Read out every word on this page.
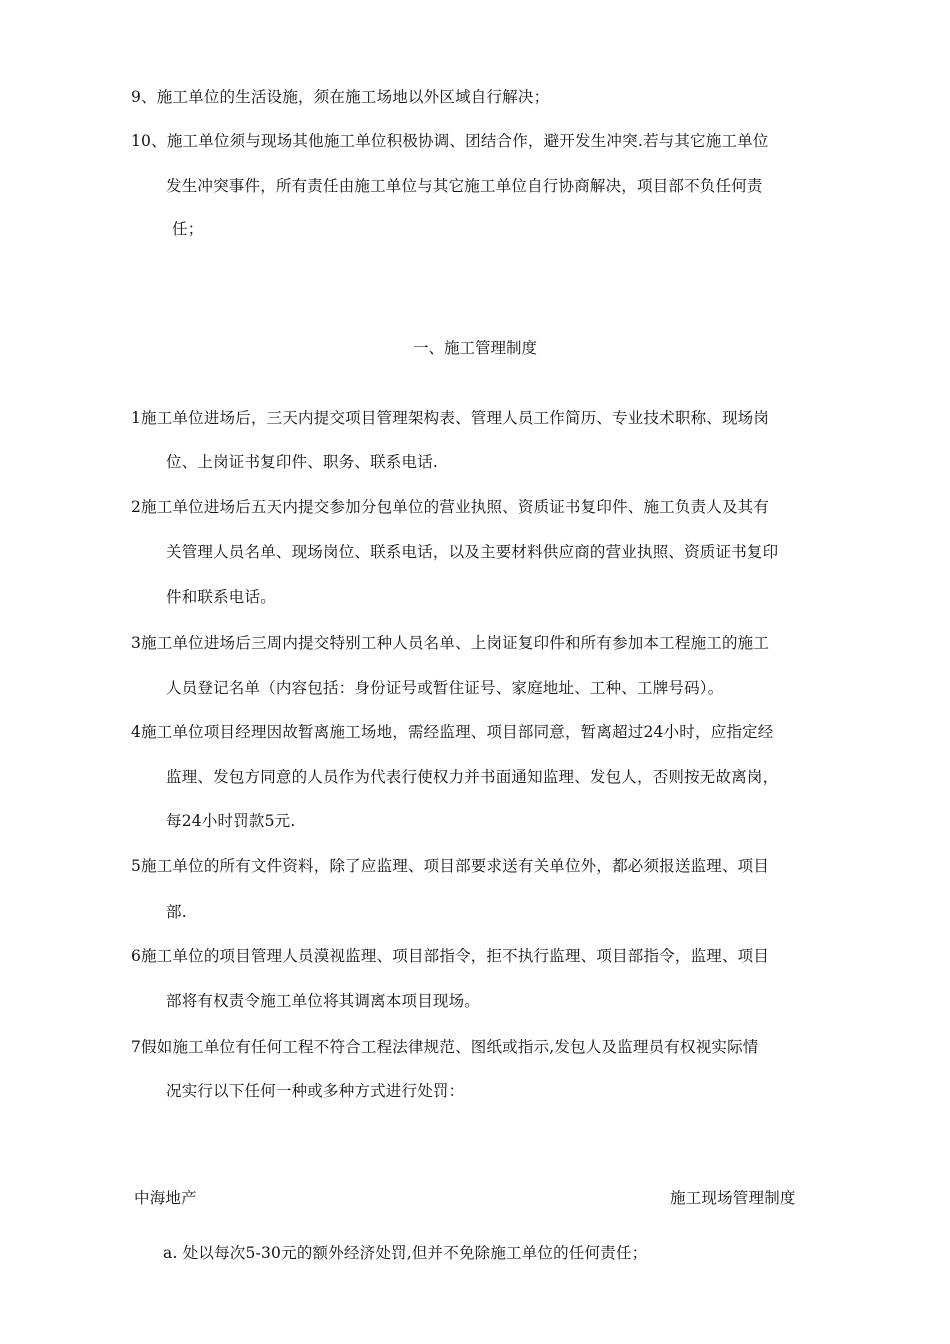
9、施工单位的生活设施，须在施工场地以外区域自行解决；
10、施工单位须与现场其他施工单位积极协调、团结合作，避开发生冲突.若与其它施工单位
发生冲突事件，所有责任由施工单位与其它施工单位自行协商解决，项目部不负任何责
任；
一、施工管理制度
1施工单位进场后，三天内提交项目管理架构表、管理人员工作简历、专业技术职称、现场岗
位、上岗证书复印件、职务、联系电话.
2施工单位进场后五天内提交参加分包单位的营业执照、资质证书复印件、施工负责人及其有
关管理人员名单、现场岗位、联系电话，以及主要材料供应商的营业执照、资质证书复印
件和联系电话。
3施工单位进场后三周内提交特别工种人员名单、上岗证复印件和所有参加本工程施工的施工
人员登记名单（内容包括：身份证号或暂住证号、家庭地址、工种、工牌号码）。
4施工单位项目经理因故暂离施工场地，需经监理、项目部同意，暂离超过24小时，应指定经
监理、发包方同意的人员作为代表行使权力并书面通知监理、发包人，否则按无故离岗，
每24小时罚款5元.
5施工单位的所有文件资料，除了应监理、项目部要求送有关单位外，都必须报送监理、项目
部.
6施工单位的项目管理人员漠视监理、项目部指令，拒不执行监理、项目部指令，监理、项目
部将有权责令施工单位将其调离本项目现场。
7假如施工单位有任何工程不符合工程法律规范、图纸或指示,发包人及监理员有权视实际情
况实行以下任何一种或多种方式进行处罚：
中海地产	施工现场管理制度
a. 处以每次5-30元的额外经济处罚,但并不免除施工单位的任何责任；
